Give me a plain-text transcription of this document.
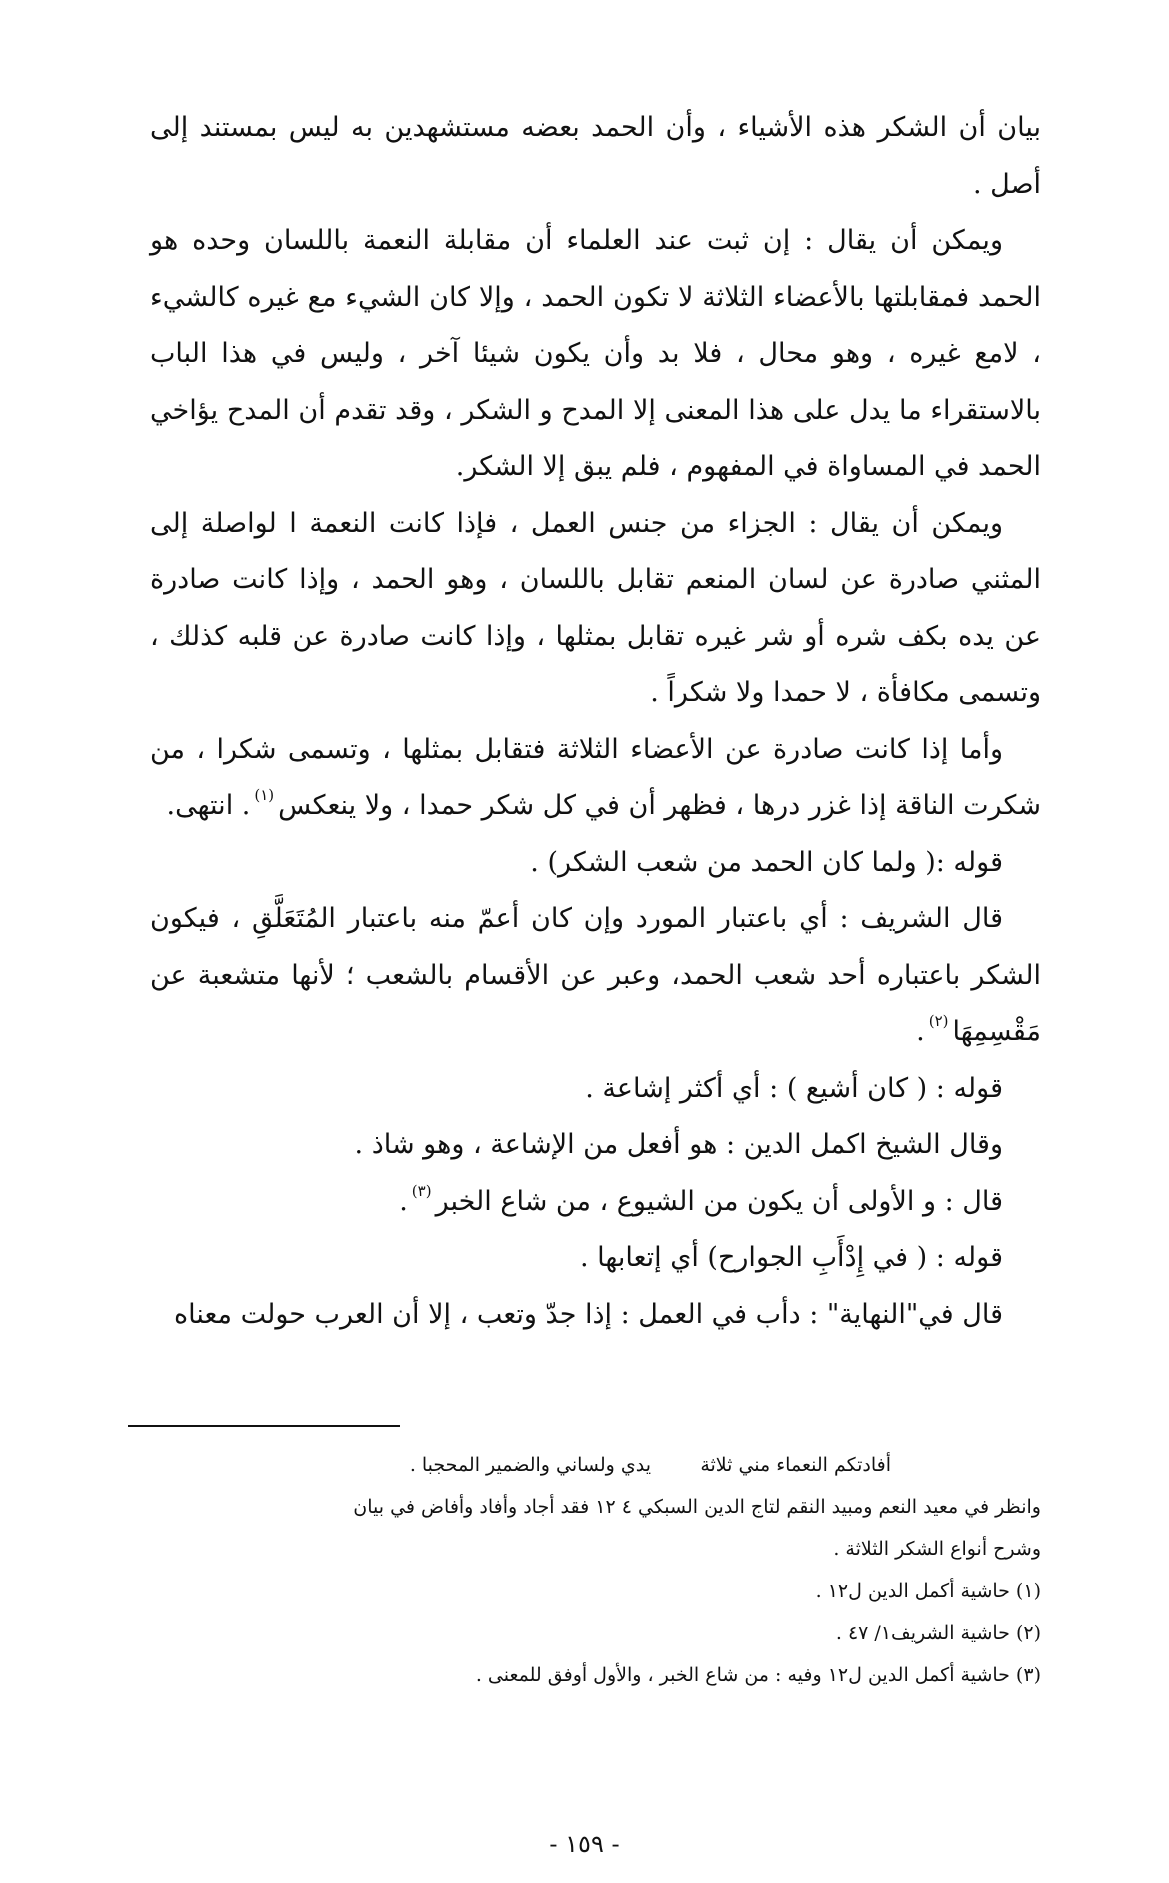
بيان أن الشكر هذه الأشياء ، وأن الحمد بعضه مستشهدين به ليس بمستند إلى أصل .

ويمكن أن يقال : إن ثبت عند العلماء أن مقابلة النعمة باللسان وحده هو الحمد فمقابلتها بالأعضاء الثلاثة لا تكون الحمد ، وإلا كان الشيء مع غيره كالشيء ، لامع غيره ، وهو محال ، فلا بد وأن يكون شيئا آخر ، وليس في هذا الباب بالاستقراء ما يدل على هذا المعنى إلا المدح و الشكر ، وقد تقدم أن المدح يؤاخي الحمد في المساواة في المفهوم ، فلم يبق إلا الشكر.

ويمكن أن يقال : الجزاء من جنس العمل ، فإذا كانت النعمة ا لواصلة إلى المثني صادرة عن لسان المنعم تقابل باللسان ، وهو الحمد ، وإذا كانت صادرة عن يده بكف شره أو شر غيره تقابل بمثلها ، وإذا كانت صادرة عن قلبه كذلك ، وتسمى مكافأة ، لا حمدا ولا شكراً .

وأما إذا كانت صادرة عن الأعضاء الثلاثة فتقابل بمثلها ، وتسمى شكرا ، من شكرت الناقة إذا غزر درها ، فظهر أن في كل شكر حمدا ، ولا ينعكس$^{(١)}$. انتهى.

قوله :( ولما كان الحمد من شعب الشكر) .

قال الشريف : أي باعتبار المورد وإن كان أعمّ منه باعتبار المُتَعَلَّقِ ، فيكون الشكر باعتباره أحد شعب الحمد، وعبر عن الأقسام بالشعب ؛ لأنها متشعبة عن مَقْسِمِهَا$^{(٢)}$.

قوله : ( كان أشيع ) : أي أكثر إشاعة .

وقال الشيخ اكمل الدين : هو أفعل من الإشاعة ، وهو شاذ .

قال : و الأولى أن يكون من الشيوع ، من شاع الخبر$^{(٣)}$.

قوله : ( في إِدْأَبِ الجوارح) أي إتعابها .

قال في"النهاية" : دأب في العمل : إذا جدّ وتعب ، إلا أن العرب حولت معناه

أفادتكم النعماء مني ثلاثة
يدي ولساني والضمير المحجبا .

وانظر في معيد النعم ومبيد النقم لتاج الدين السبكي ٤ ١٢ فقد أجاد وأفاد وأفاض في بيان

وشرح أنواع الشكر الثلاثة .

(١) حاشية أكمل الدين ل١٢ .

(٢) حاشية الشريف١/ ٤٧ .

(٣) حاشية أكمل الدين ل١٢ وفيه : من شاع الخبر ، والأول أوفق للمعنى .

- ١٥٩ -
